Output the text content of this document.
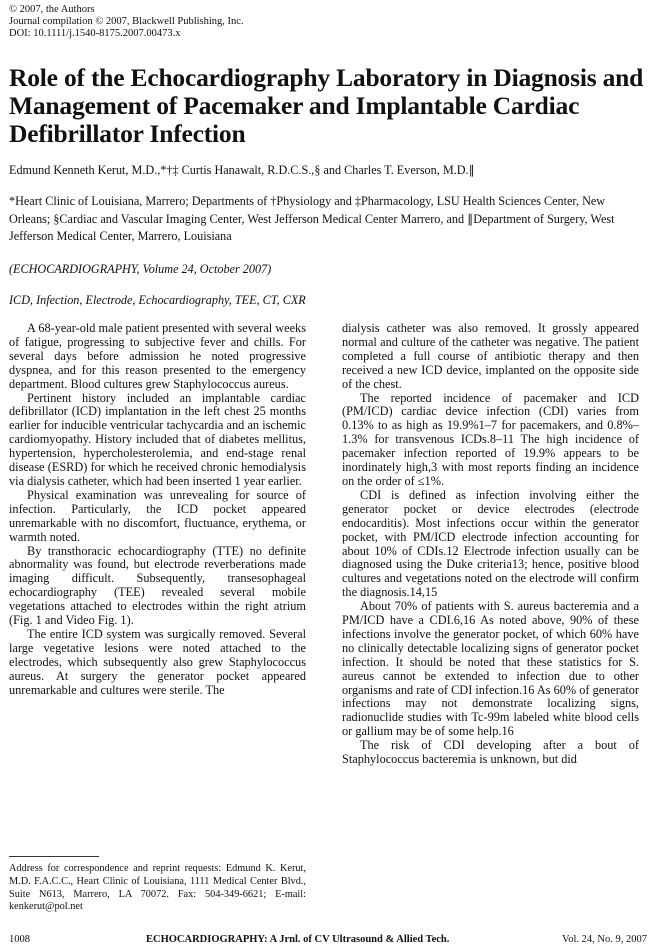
© 2007, the Authors
Journal compilation © 2007, Blackwell Publishing, Inc.
DOI: 10.1111/j.1540-8175.2007.00473.x
Role of the Echocardiography Laboratory in Diagnosis and Management of Pacemaker and Implantable Cardiac Defibrillator Infection
Edmund Kenneth Kerut, M.D.,*†‡ Curtis Hanawalt, R.D.C.S.,§ and Charles T. Everson, M.D.∥
*Heart Clinic of Louisiana, Marrero; Departments of †Physiology and ‡Pharmacology, LSU Health Sciences Center, New Orleans; §Cardiac and Vascular Imaging Center, West Jefferson Medical Center Marrero, and ∥Department of Surgery, West Jefferson Medical Center, Marrero, Louisiana
(ECHOCARDIOGRAPHY, Volume 24, October 2007)
ICD, Infection, Electrode, Echocardiography, TEE, CT, CXR

A 68-year-old male patient presented with several weeks of fatigue, progressing to subjective fever and chills. For several days before admission he noted progressive dyspnea, and for this reason presented to the emergency department. Blood cultures grew Staphylococcus aureus.

Pertinent history included an implantable cardiac defibrillator (ICD) implantation in the left chest 25 months earlier for inducible ventricular tachycardia and an ischemic cardiomyopathy. History included that of diabetes mellitus, hypertension, hypercholesterolemia, and end-stage renal disease (ESRD) for which he received chronic hemodialysis via dialysis catheter, which had been inserted 1 year earlier.

Physical examination was unrevealing for source of infection. Particularly, the ICD pocket appeared unremarkable with no discomfort, fluctuance, erythema, or warmth noted.

By transthoracic echocardiography (TTE) no definite abnormality was found, but electrode reverberations made imaging difficult. Subsequently, transesophageal echocardiography (TEE) revealed several mobile vegetations attached to electrodes within the right atrium (Fig. 1 and Video Fig. 1).

The entire ICD system was surgically removed. Several large vegetative lesions were noted attached to the electrodes, which subsequently also grew Staphylococcus aureus. At surgery the generator pocket appeared unremarkable and cultures were sterile. The

dialysis catheter was also removed. It grossly appeared normal and culture of the catheter was negative. The patient completed a full course of antibiotic therapy and then received a new ICD device, implanted on the opposite side of the chest.

The reported incidence of pacemaker and ICD (PM/ICD) cardiac device infection (CDI) varies from 0.13% to as high as 19.9%1–7 for pacemakers, and 0.8%–1.3% for transvenous ICDs.8–11 The high incidence of pacemaker infection reported of 19.9% appears to be inordinately high,3 with most reports finding an incidence on the order of ≤1%.

CDI is defined as infection involving either the generator pocket or device electrodes (electrode endocarditis). Most infections occur within the generator pocket, with PM/ICD electrode infection accounting for about 10% of CDIs.12 Electrode infection usually can be diagnosed using the Duke criteria13; hence, positive blood cultures and vegetations noted on the electrode will confirm the diagnosis.14,15

About 70% of patients with S. aureus bacteremia and a PM/ICD have a CDI.6,16 As noted above, 90% of these infections involve the generator pocket, of which 60% have no clinically detectable localizing signs of generator pocket infection. It should be noted that these statistics for S. aureus cannot be extended to infection due to other organisms and rate of CDI infection.16 As 60% of generator infections may not demonstrate localizing signs, radionuclide studies with Tc-99m labeled white blood cells or gallium may be of some help.16

The risk of CDI developing after a bout of Staphylococcus bacteremia is unknown, but did

Address for correspondence and reprint requests: Edmund K. Kerut, M.D. F.A.C.C., Heart Clinic of Louisiana, 1111 Medical Center Blvd., Suite N613, Marrero, LA 70072. Fax: 504-349-6621; E-mail: kenkerut@pol.net
1008	ECHOCARDIOGRAPHY: A Jrnl. of CV Ultrasound & Allied Tech.	Vol. 24, No. 9, 2007
